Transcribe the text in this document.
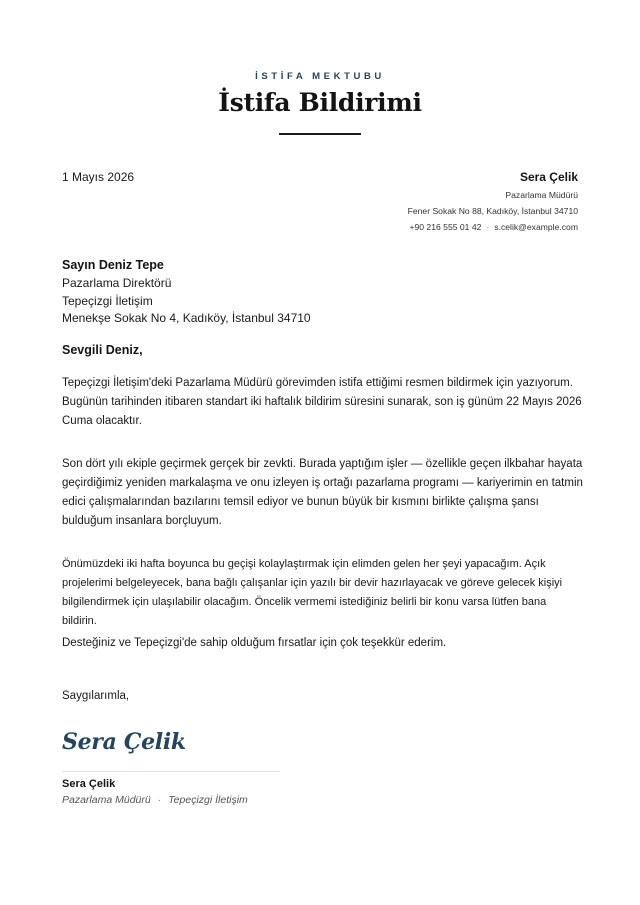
İSTİFA MEKTUBU
İstifa Bildirimi
1 Mayıs 2026	Sera Çelik
Pazarlama Müdürü
Fener Sokak No 88, Kadıköy, İstanbul 34710
+90 216 555 01 42 · s.celik@example.com
Sayın Deniz Tepe
Pazarlama Direktörü
Tepeçizgi İletişim
Menekşe Sokak No 4, Kadıköy, İstanbul 34710
Sevgili Deniz,
Tepeçizgi İletişim'deki Pazarlama Müdürü görevimden istifa ettiğimi resmen bildirmek için yazıyorum. Bugünün tarihinden itibaren standart iki haftalık bildirim süresini sunarak, son iş günüm 22 Mayıs 2026 Cuma olacaktır.
Son dört yılı ekiple geçirmek gerçek bir zevkti. Burada yaptığım işler — özellikle geçen ilkbahar hayata geçirdiğimiz yeniden markalaşma ve onu izleyen iş ortağı pazarlama programı — kariyerimin en tatmin edici çalışmalarından bazılarını temsil ediyor ve bunun büyük bir kısmını birlikte çalışma şansı bulduğum insanlara borçluyum.
Önümüzdeki iki hafta boyunca bu geçişi kolaylaştırmak için elimden gelen her şeyi yapacağım. Açık projelerimi belgeleyecek, bana bağlı çalışanlar için yazılı bir devir hazırlayacak ve göreve gelecek kişiyi bilgilendirmek için ulaşılabilir olacağım. Öncelik vermemi istediğiniz belirli bir konu varsa lütfen bana bildirin.
Desteğiniz ve Tepeçizgi'de sahip olduğum fırsatlar için çok teşekkür ederim.
Saygılarımla,
Sera Çelik
Sera Çelik
Pazarlama Müdürü · Tepeçizgi İletişim
